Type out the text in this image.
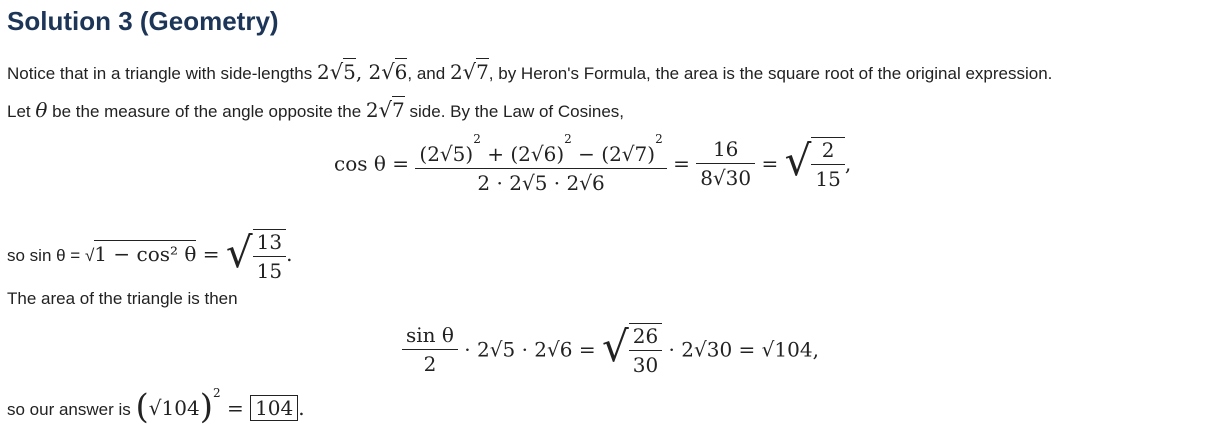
Solution 3 (Geometry)
Notice that in a triangle with side-lengths 2√5, 2√6, and 2√7, by Heron's Formula, the area is the square root of the original expression.
Let θ be the measure of the angle opposite the 2√7 side. By the Law of Cosines,
$\cos \theta = \frac{(2√5)^2 + (2√6)^2 - (2√7)^2}{2 \cdot 2√5 \cdot 2√6} = \frac{16}{8√30}$ = √ $\frac{2}{15}$ ,
so sin θ = √1 − cos² θ = √ $\frac{13}{15}$ .
The area of the triangle is then
$\frac{\text{sin θ}}{2} \cdot 2√5 \cdot 2√6$ = √ $\frac{26}{30} \cdot 2√30 = √104$,
so our answer is $(√104)^2 = 104$ .
